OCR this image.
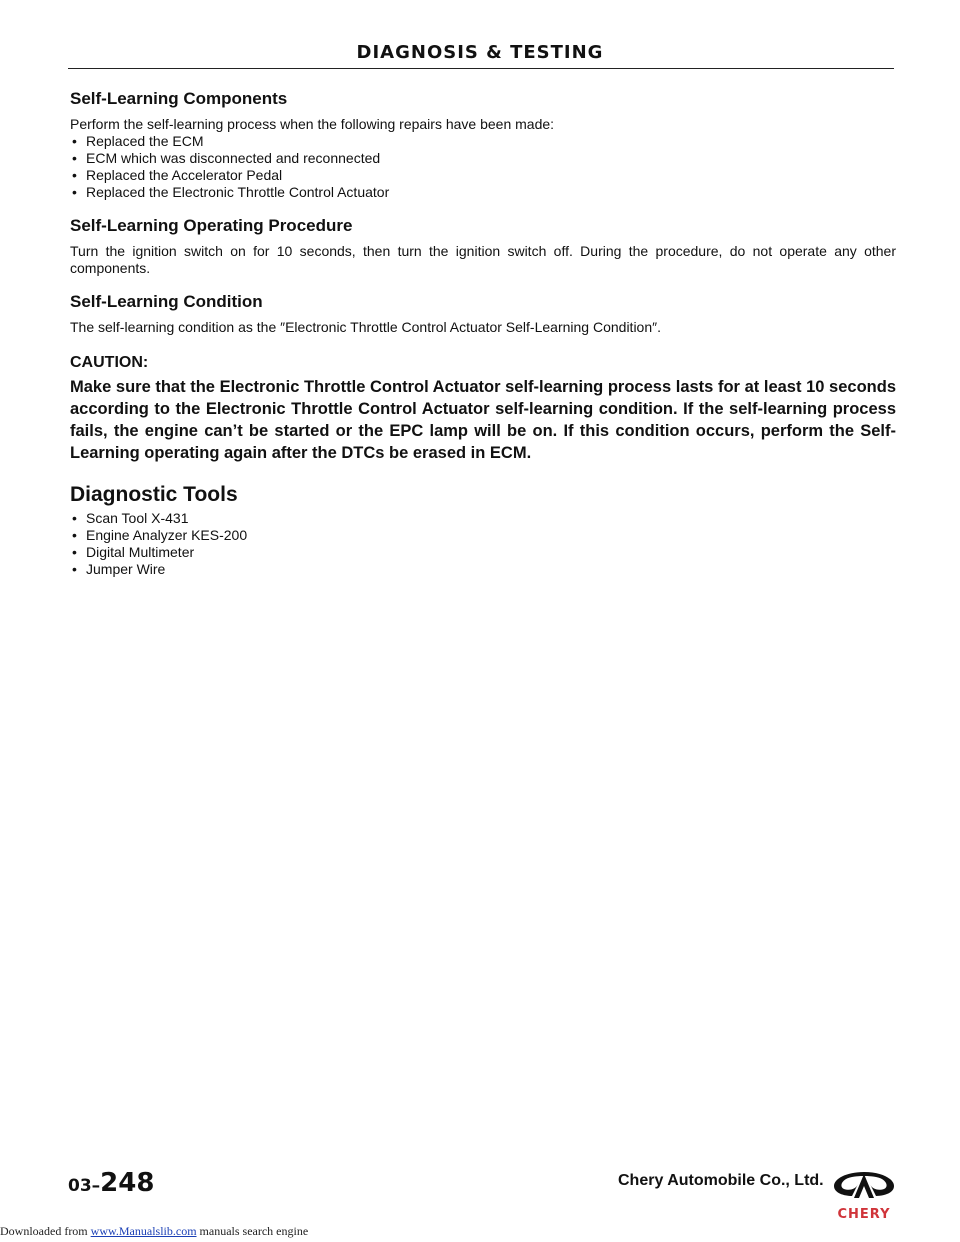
DIAGNOSIS & TESTING
Self-Learning Components

Perform the self-learning process when the following repairs have been made:

• Replaced the ECM
• ECM which was disconnected and reconnected
• Replaced the Accelerator Pedal
• Replaced the Electronic Throttle Control Actuator
Self-Learning Operating Procedure

Turn the ignition switch on for 10 seconds, then turn the ignition switch off. During the procedure, do not operate any other components.

Self-Learning Condition

The self-learning condition as the ″Electronic Throttle Control Actuator Self-Learning Condition″.

CAUTION:

Make sure that the Electronic Throttle Control Actuator self-learning process lasts for at least 10 seconds according to the Electronic Throttle Control Actuator self-learning condition. If the self-learning process fails, the engine can’t be started or the EPC lamp will be on. If this condition occurs, perform the Self-Learning operating again after the DTCs be erased in ECM.

Diagnostic Tools
• Scan Tool X-431
• Engine Analyzer KES-200
• Digital Multimeter
• Jumper Wire
03–248	Chery Automobile Co., Ltd.
CHERY
Downloaded from www.Manualslib.com manuals search engine
